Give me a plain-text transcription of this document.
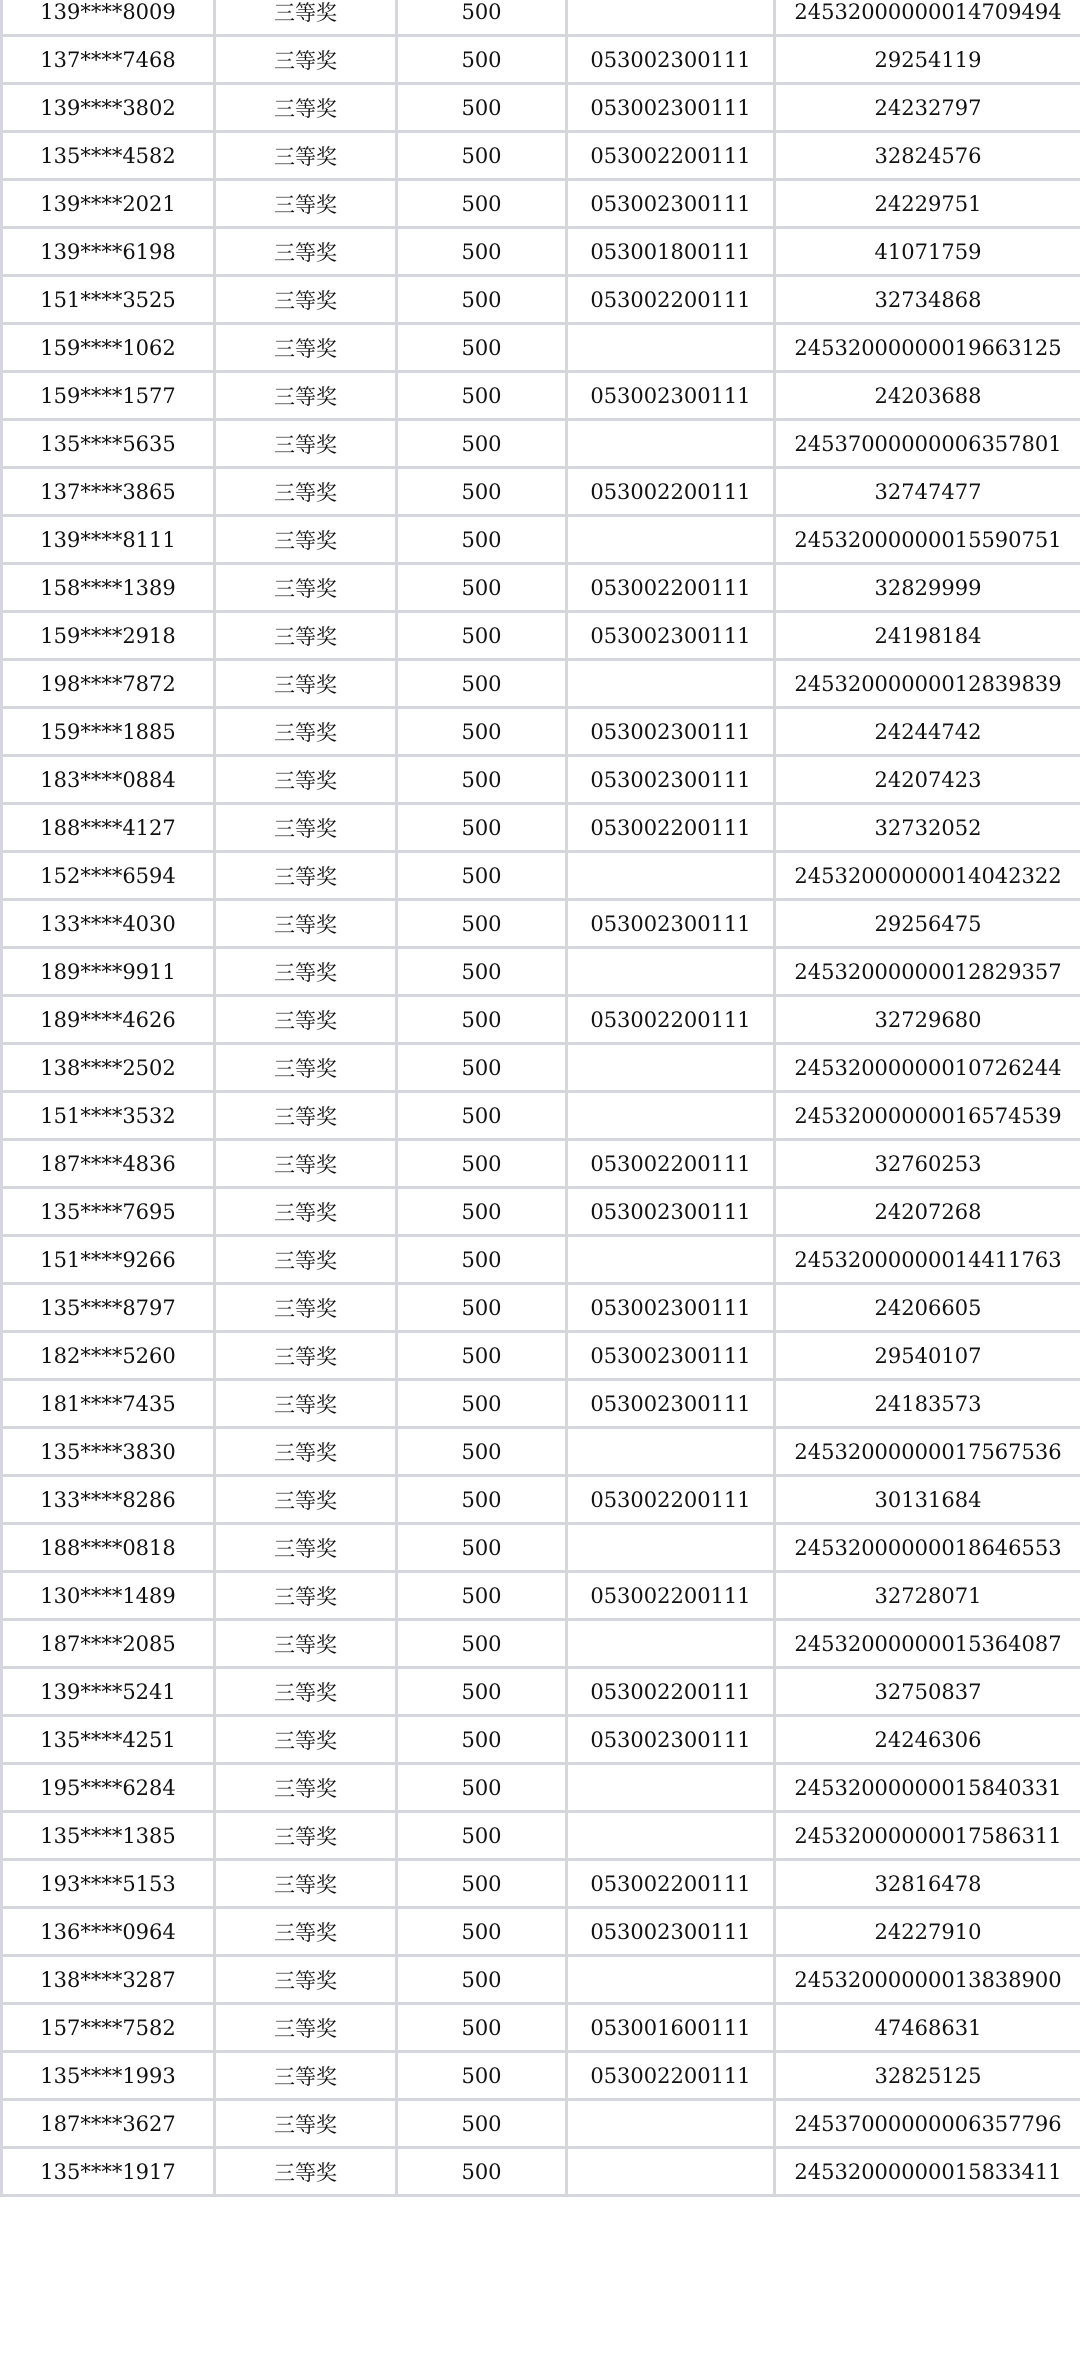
139****8009	三等奖	500		24532000000014709494
137****7468	三等奖	500	053002300111	29254119
139****3802	三等奖	500	053002300111	24232797
135****4582	三等奖	500	053002200111	32824576
139****2021	三等奖	500	053002300111	24229751
139****6198	三等奖	500	053001800111	41071759
151****3525	三等奖	500	053002200111	32734868
159****1062	三等奖	500		24532000000019663125
159****1577	三等奖	500	053002300111	24203688
135****5635	三等奖	500		24537000000006357801
137****3865	三等奖	500	053002200111	32747477
139****8111	三等奖	500		24532000000015590751
158****1389	三等奖	500	053002200111	32829999
159****2918	三等奖	500	053002300111	24198184
198****7872	三等奖	500		24532000000012839839
159****1885	三等奖	500	053002300111	24244742
183****0884	三等奖	500	053002300111	24207423
188****4127	三等奖	500	053002200111	32732052
152****6594	三等奖	500		24532000000014042322
133****4030	三等奖	500	053002300111	29256475
189****9911	三等奖	500		24532000000012829357
189****4626	三等奖	500	053002200111	32729680
138****2502	三等奖	500		24532000000010726244
151****3532	三等奖	500		24532000000016574539
187****4836	三等奖	500	053002200111	32760253
135****7695	三等奖	500	053002300111	24207268
151****9266	三等奖	500		24532000000014411763
135****8797	三等奖	500	053002300111	24206605
182****5260	三等奖	500	053002300111	29540107
181****7435	三等奖	500	053002300111	24183573
135****3830	三等奖	500		24532000000017567536
133****8286	三等奖	500	053002200111	30131684
188****0818	三等奖	500		24532000000018646553
130****1489	三等奖	500	053002200111	32728071
187****2085	三等奖	500		24532000000015364087
139****5241	三等奖	500	053002200111	32750837
135****4251	三等奖	500	053002300111	24246306
195****6284	三等奖	500		24532000000015840331
135****1385	三等奖	500		24532000000017586311
193****5153	三等奖	500	053002200111	32816478
136****0964	三等奖	500	053002300111	24227910
138****3287	三等奖	500		24532000000013838900
157****7582	三等奖	500	053001600111	47468631
135****1993	三等奖	500	053002200111	32825125
187****3627	三等奖	500		24537000000006357796
135****1917	三等奖	500		24532000000015833411
